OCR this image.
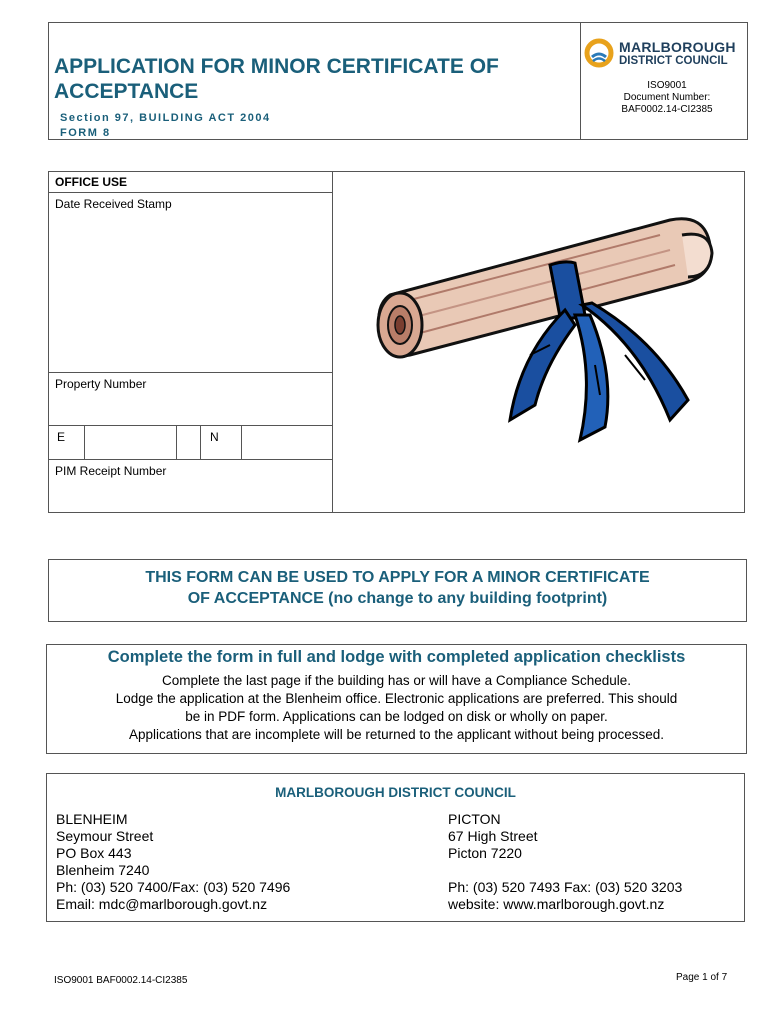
APPLICATION FOR MINOR CERTIFICATE OF
ACCEPTANCE
Section 97, BUILDING ACT 2004
FORM 8
MARLBOROUGH
DISTRICT COUNCIL
ISO9001
Document Number:
BAF0002.14-CI2385
OFFICE USE
Date Received Stamp
Property Number
E	N
PIM Receipt Number
THIS FORM CAN BE USED TO APPLY FOR A MINOR CERTIFICATE
OF ACCEPTANCE (no change to any building footprint)
Complete the form in full and lodge with completed application checklists
Complete the last page if the building has or will have a Compliance Schedule.
Lodge the application at the Blenheim office. Electronic applications are preferred. This should
be in PDF form. Applications can be lodged on disk or wholly on paper.
Applications that are incomplete will be returned to the applicant without being processed.
MARLBOROUGH DISTRICT COUNCIL
BLENHEIM
Seymour Street
PO Box 443
Blenheim 7240
Ph: (03) 520 7400/Fax: (03) 520 7496
Email: mdc@marlborough.govt.nz
PICTON
67 High Street
Picton 7220
Ph: (03) 520 7493 Fax: (03) 520 3203
website: www.marlborough.govt.nz
ISO9001 BAF0002.14-CI2385	Page 1 of 7
